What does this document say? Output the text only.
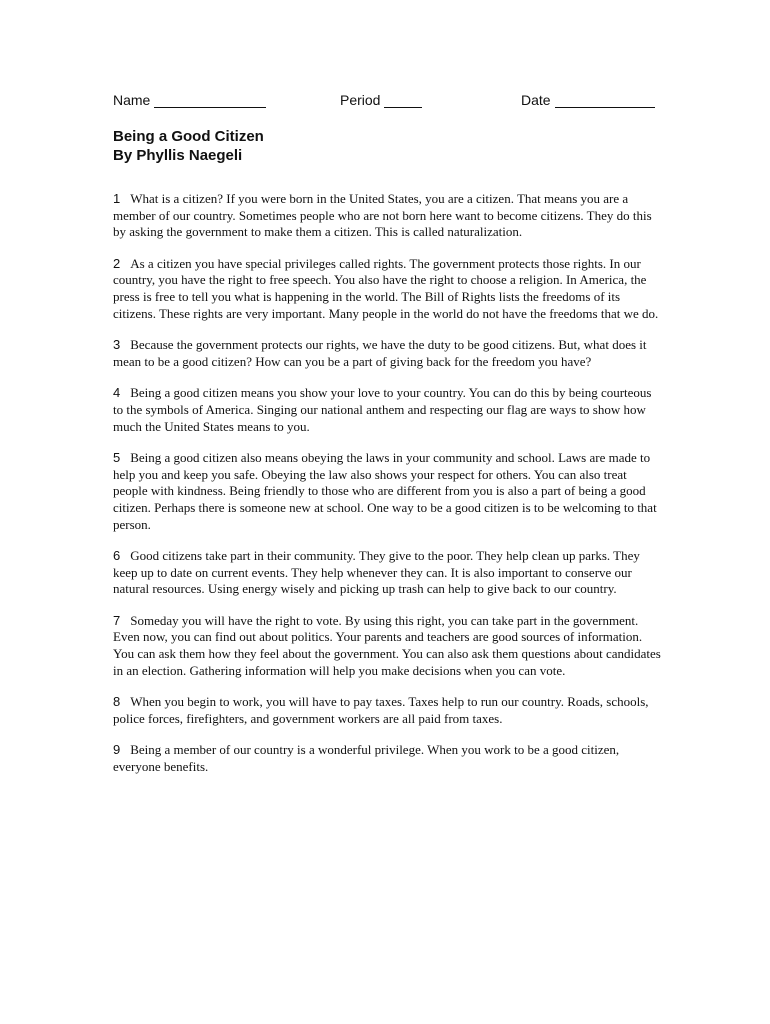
Name	Period	Date
Being a Good Citizen
By Phyllis Naegeli

1 What is a citizen? If you were born in the United States, you are a citizen. That means you are a member of our country. Sometimes people who are not born here want to become citizens. They do this by asking the government to make them a citizen. This is called naturalization.

2 As a citizen you have special privileges called rights. The government protects those rights. In our country, you have the right to free speech. You also have the right to choose a religion. In America, the press is free to tell you what is happening in the world. The Bill of Rights lists the freedoms of its citizens. These rights are very important. Many people in the world do not have the freedoms that we do.

3 Because the government protects our rights, we have the duty to be good citizens. But, what does it mean to be a good citizen? How can you be a part of giving back for the freedom you have?

4 Being a good citizen means you show your love to your country. You can do this by being courteous to the symbols of America. Singing our national anthem and respecting our flag are ways to show how much the United States means to you.

5 Being a good citizen also means obeying the laws in your community and school. Laws are made to help you and keep you safe. Obeying the law also shows your respect for others. You can also treat people with kindness. Being friendly to those who are different from you is also a part of being a good citizen. Perhaps there is someone new at school. One way to be a good citizen is to be welcoming to that person.

6 Good citizens take part in their community. They give to the poor. They help clean up parks. They keep up to date on current events. They help whenever they can. It is also important to conserve our natural resources. Using energy wisely and picking up trash can help to give back to our country.

7 Someday you will have the right to vote. By using this right, you can take part in the government. Even now, you can find out about politics. Your parents and teachers are good sources of information. You can ask them how they feel about the government. You can also ask them questions about candidates in an election. Gathering information will help you make decisions when you can vote.

8 When you begin to work, you will have to pay taxes. Taxes help to run our country. Roads, schools, police forces, firefighters, and government workers are all paid from taxes.

9 Being a member of our country is a wonderful privilege. When you work to be a good citizen, everyone benefits.
